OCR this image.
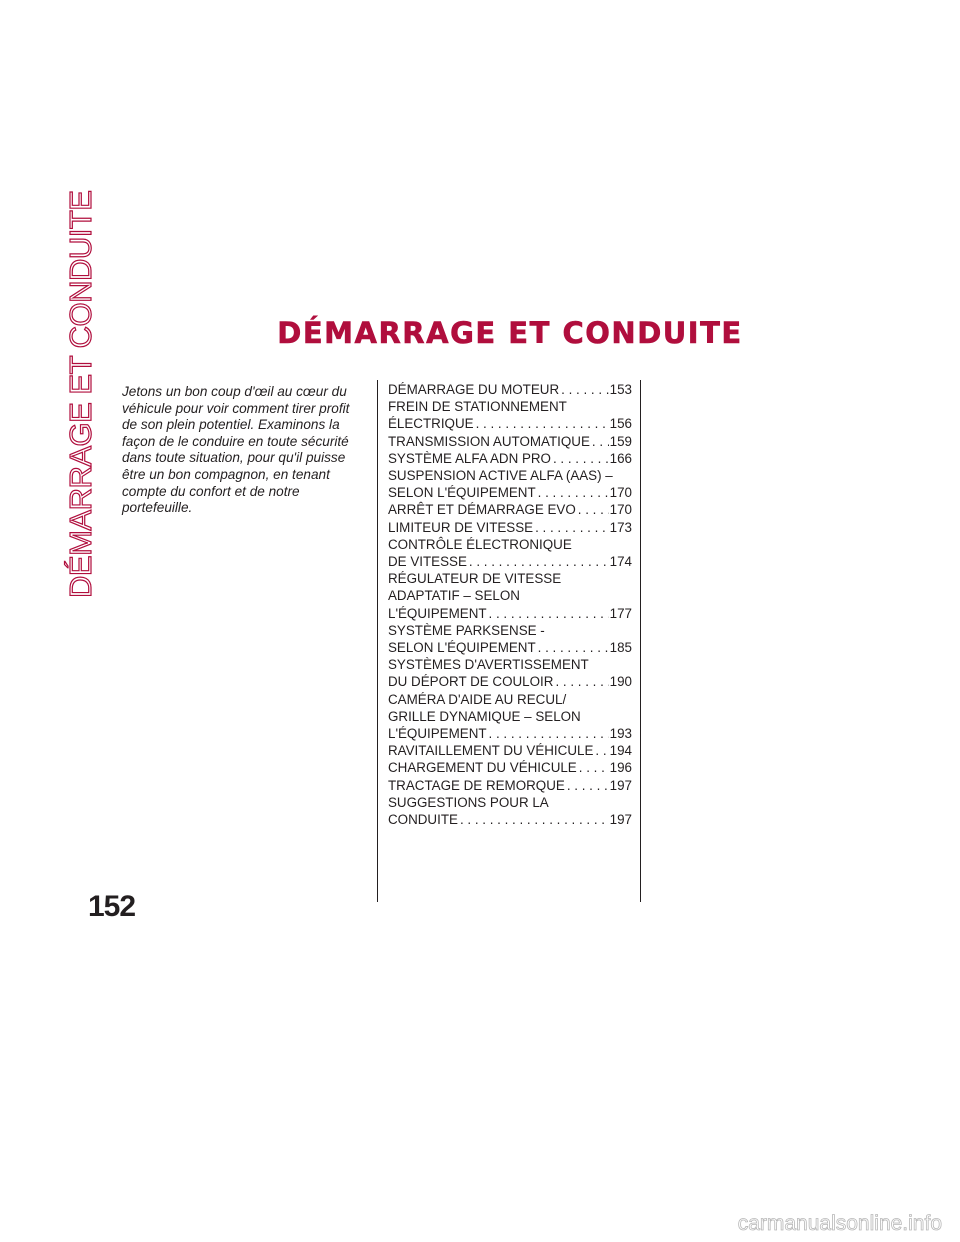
DÉMARRAGE ET CONDUITE
152
DÉMARRAGE ET CONDUITE

Jetons un bon coup d'œil au cœur du véhicule pour voir comment tirer profit de son plein potentiel. Examinons la façon de le conduire en toute sécurité dans toute situation, pour qu'il puisse être un bon compagnon, en tenant compte du confort et de notre portefeuille.

DÉMARRAGE DU MOTEUR . . .	153
FREIN DE STATIONNEMENT
ÉLECTRIQUE . . .	156
TRANSMISSION AUTOMATIQUE . . . 159
SYSTÈME ALFA ADN PRO . . .	166
SUSPENSION ACTIVE ALFA (AAS) –
SELON L'ÉQUIPEMENT . . .	170
ARRÊT ET DÉMARRAGE EVO . . .	170
LIMITEUR DE VITESSE . . .	173
CONTRÔLE ÉLECTRONIQUE
DE VITESSE . . .	174
RÉGULATEUR DE VITESSE
ADAPTATIF – SELON
L'ÉQUIPEMENT . . .	177
SYSTÈME PARKSENSE -
SELON L'ÉQUIPEMENT . . .	185
SYSTÈMES D'AVERTISSEMENT
DU DÉPORT DE COULOIR . . .	190
CAMÉRA D'AIDE AU RECUL/
GRILLE DYNAMIQUE – SELON
L'ÉQUIPEMENT . . .	193
RAVITAILLEMENT DU VÉHICULE . . . 194
CHARGEMENT DU VÉHICULE . . . 196
TRACTAGE DE REMORQUE . . .	197
SUGGESTIONS POUR LA
CONDUITE . . .	197
carmanualsonline.info
